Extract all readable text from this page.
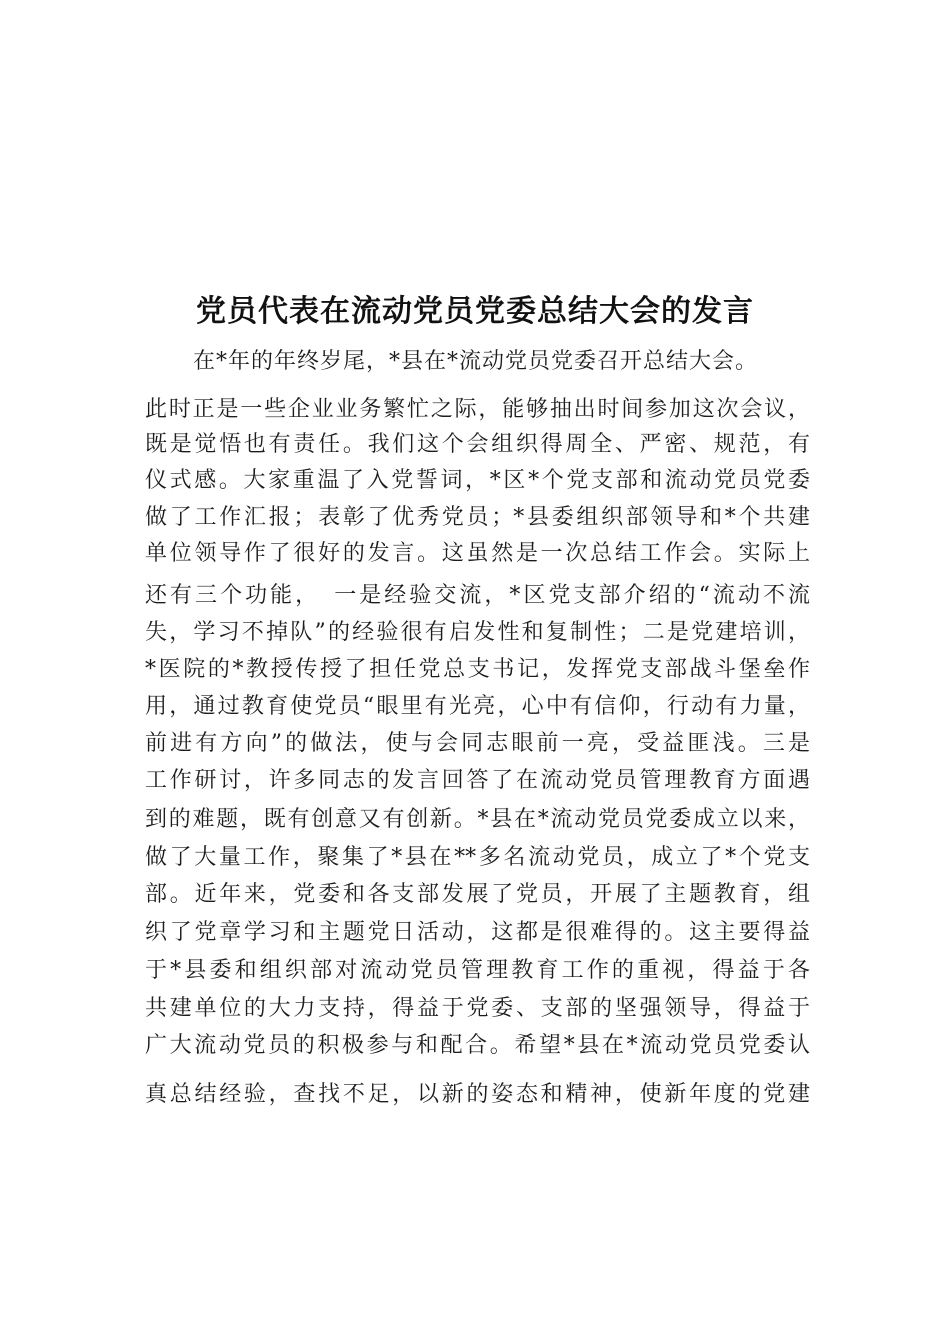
党员代表在流动党员党委总结大会的发言
在*年的年终岁尾，*县在*流动党员党委召开总结大会。
此时正是一些企业业务繁忙之际，能够抽出时间参加这次会议，
既是觉悟也有责任。我们这个会组织得周全、严密、规范，有
仪式感。大家重温了入党誓词，*区*个党支部和流动党员党委
做了工作汇报；表彰了优秀党员；*县委组织部领导和*个共建
单位领导作了很好的发言。这虽然是一次总结工作会。实际上
还有三个功能，　一是经验交流，*区党支部介绍的“流动不流
失，学习不掉队”的经验很有启发性和复制性；二是党建培训，
*医院的*教授传授了担任党总支书记，发挥党支部战斗堡垒作
用，通过教育使党员“眼里有光亮，心中有信仰，行动有力量，
前进有方向”的做法，使与会同志眼前一亮，受益匪浅。三是
工作研讨，许多同志的发言回答了在流动党员管理教育方面遇
到的难题，既有创意又有创新。*县在*流动党员党委成立以来，
做了大量工作，聚集了*县在**多名流动党员，成立了*个党支
部。近年来，党委和各支部发展了党员，开展了主题教育，组
织了党章学习和主题党日活动，这都是很难得的。这主要得益
于*县委和组织部对流动党员管理教育工作的重视，得益于各
共建单位的大力支持，得益于党委、支部的坚强领导，得益于
广大流动党员的积极参与和配合。希望*县在*流动党员党委认
真总结经验，查找不足，以新的姿态和精神，使新年度的党建
